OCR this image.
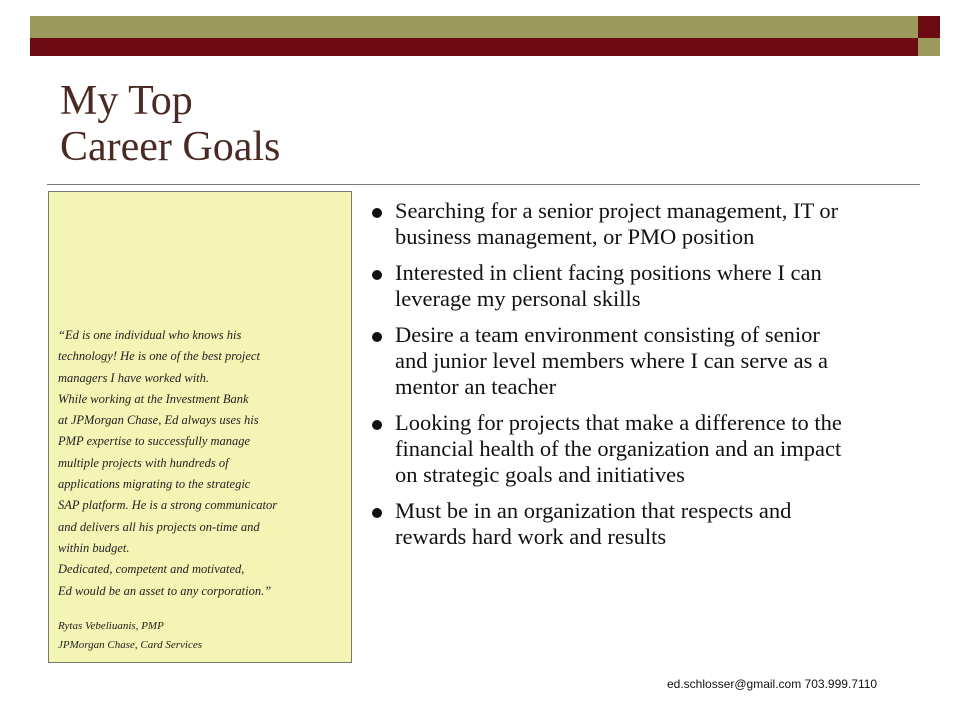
My Top
Career Goals
“Ed is one individual who knows his
technology! He is one of the best project
managers I have worked with.
While working at the Investment Bank
at JPMorgan Chase, Ed always uses his
PMP expertise to successfully manage
multiple projects with hundreds of
applications migrating to the strategic
SAP platform. He is a strong communicator
and delivers all his projects on-time and
within budget.
Dedicated, competent and motivated,
Ed would be an asset to any corporation.”
Rytas Vebeliuanis, PMP
JPMorgan Chase, Card Services
Searching for a senior project management, IT or
business management, or PMO position
Interested in client facing positions where I can
leverage my personal skills
Desire a team environment consisting of senior
and junior level members where I can serve as a
mentor an teacher
Looking for projects that make a difference to the
financial health of the organization and an impact
on strategic goals and initiatives
Must be in an organization that respects and
rewards hard work and results
ed.schlosser@gmail.com 703.999.7110
